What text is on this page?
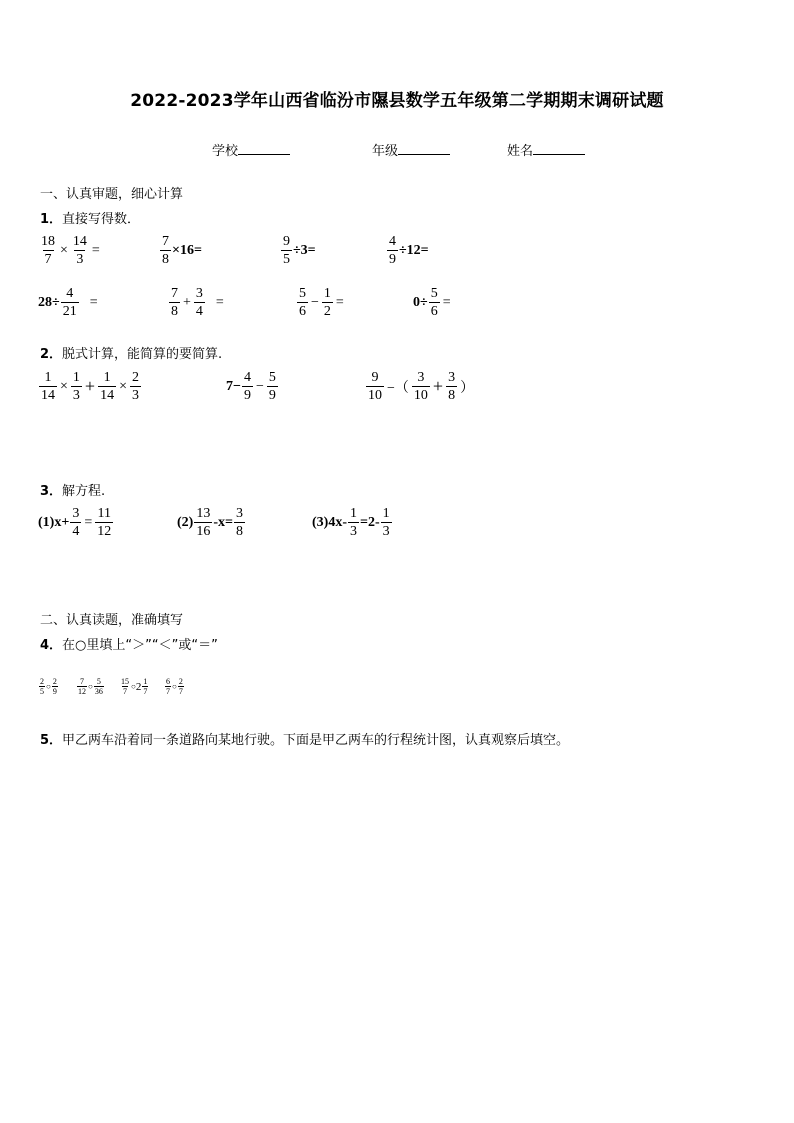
2022-2023学年山西省临汾市隰县数学五年级第二学期期末调研试题
学校	年级	姓名
一、认真审题，细心计算
1．直接写得数．
$\frac{18}{7} \times \frac{14}{3}$ =	$\frac{7}{8} \times 16=$	$\frac{9}{5} \div 3=$	$\frac{4}{9} \div 12=$
$28\div \frac{4}{21}$ =	$\frac{7}{8} + \frac{3}{4}$ =	$\frac{5}{6} - \frac{1}{2}$ =	$0\div \frac{5}{6}$ =
2．脱式计算，能简算的要简算.
$\frac{1}{14} \times \frac{1}{3} + \frac{1}{14} \times \frac{2}{3}$	$7- \frac{4}{9} - \frac{5}{9}$	$\frac{9}{10}$ −（ $\frac{3}{10} + \frac{3}{8}$ ）
3．解方程.
$(1)x+ \frac{3}{4} = \frac{11}{12}$	$(2) \frac{13}{16} -x= \frac{3}{8}$	$(3)4x- \frac{1}{3} =2- \frac{1}{3}$
二、认真读题，准确填写
4．在○里填上“＞”“＜”或“＝”
$\frac{2}{5}$ ○ $\frac{2}{9} \frac{7}{12}$ ○ $\frac{5}{36} \frac{15}{7}$ ○ $2 \frac{1}{7} \frac{6}{7}$ ○ $\frac{2}{7}$
5．甲乙两车沿着同一条道路向某地行驶。下面是甲乙两车的行程统计图，认真观察后填空。
